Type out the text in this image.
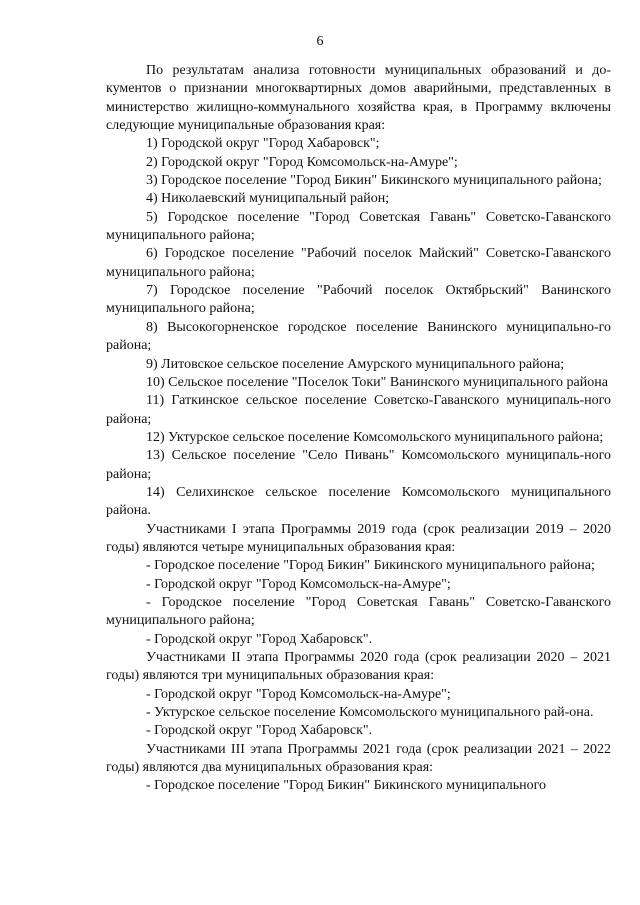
6

По результатам анализа готовности муниципальных образований и до-кументов о признании многоквартирных домов аварийными, представленных в министерство жилищно-коммунального хозяйства края, в Программу включены следующие муниципальные образования края:

1) Городской округ "Город Хабаровск";

2) Городской округ "Город Комсомольск-на-Амуре";

3) Городское поселение "Город Бикин" Бикинского муниципального района;

4) Николаевский муниципальный район;

5) Городское поселение "Город Советская Гавань" Советско-Гаванского муниципального района;

6) Городское поселение "Рабочий поселок Майский" Советско-Гаванского муниципального района;

7) Городское поселение "Рабочий поселок Октябрьский" Ванинского муниципального района;

8) Высокогорненское городское поселение Ванинского муниципально-го района;

9) Литовское сельское поселение Амурского муниципального района;

10) Сельское поселение "Поселок Токи" Ванинского муниципального района

11) Гаткинское сельское поселение Советско-Гаванского муниципаль-ного района;

12) Уктурское сельское поселение Комсомольского муниципального района;

13) Сельское поселение "Село Пивань" Комсомольского муниципаль-ного района;

14) Селихинское сельское поселение Комсомольского муниципального района.

Участниками I этапа Программы 2019 года (срок реализации 2019 – 2020 годы) являются четыре муниципальных образования края:

- Городское поселение "Город Бикин" Бикинского муниципального района;

- Городской округ "Город Комсомольск-на-Амуре";

- Городское поселение "Город Советская Гавань" Советско-Гаванского муниципального района;

- Городской округ "Город Хабаровск".

Участниками II этапа Программы 2020 года (срок реализации 2020 – 2021 годы) являются три муниципальных образования края:

- Городской округ "Город Комсомольск-на-Амуре";

- Уктурское сельское поселение Комсомольского муниципального рай-она.

- Городской округ "Город Хабаровск".

Участниками III этапа Программы 2021 года (срок реализации 2021 – 2022 годы) являются два муниципальных образования края:

- Городское поселение "Город Бикин" Бикинского муниципального
